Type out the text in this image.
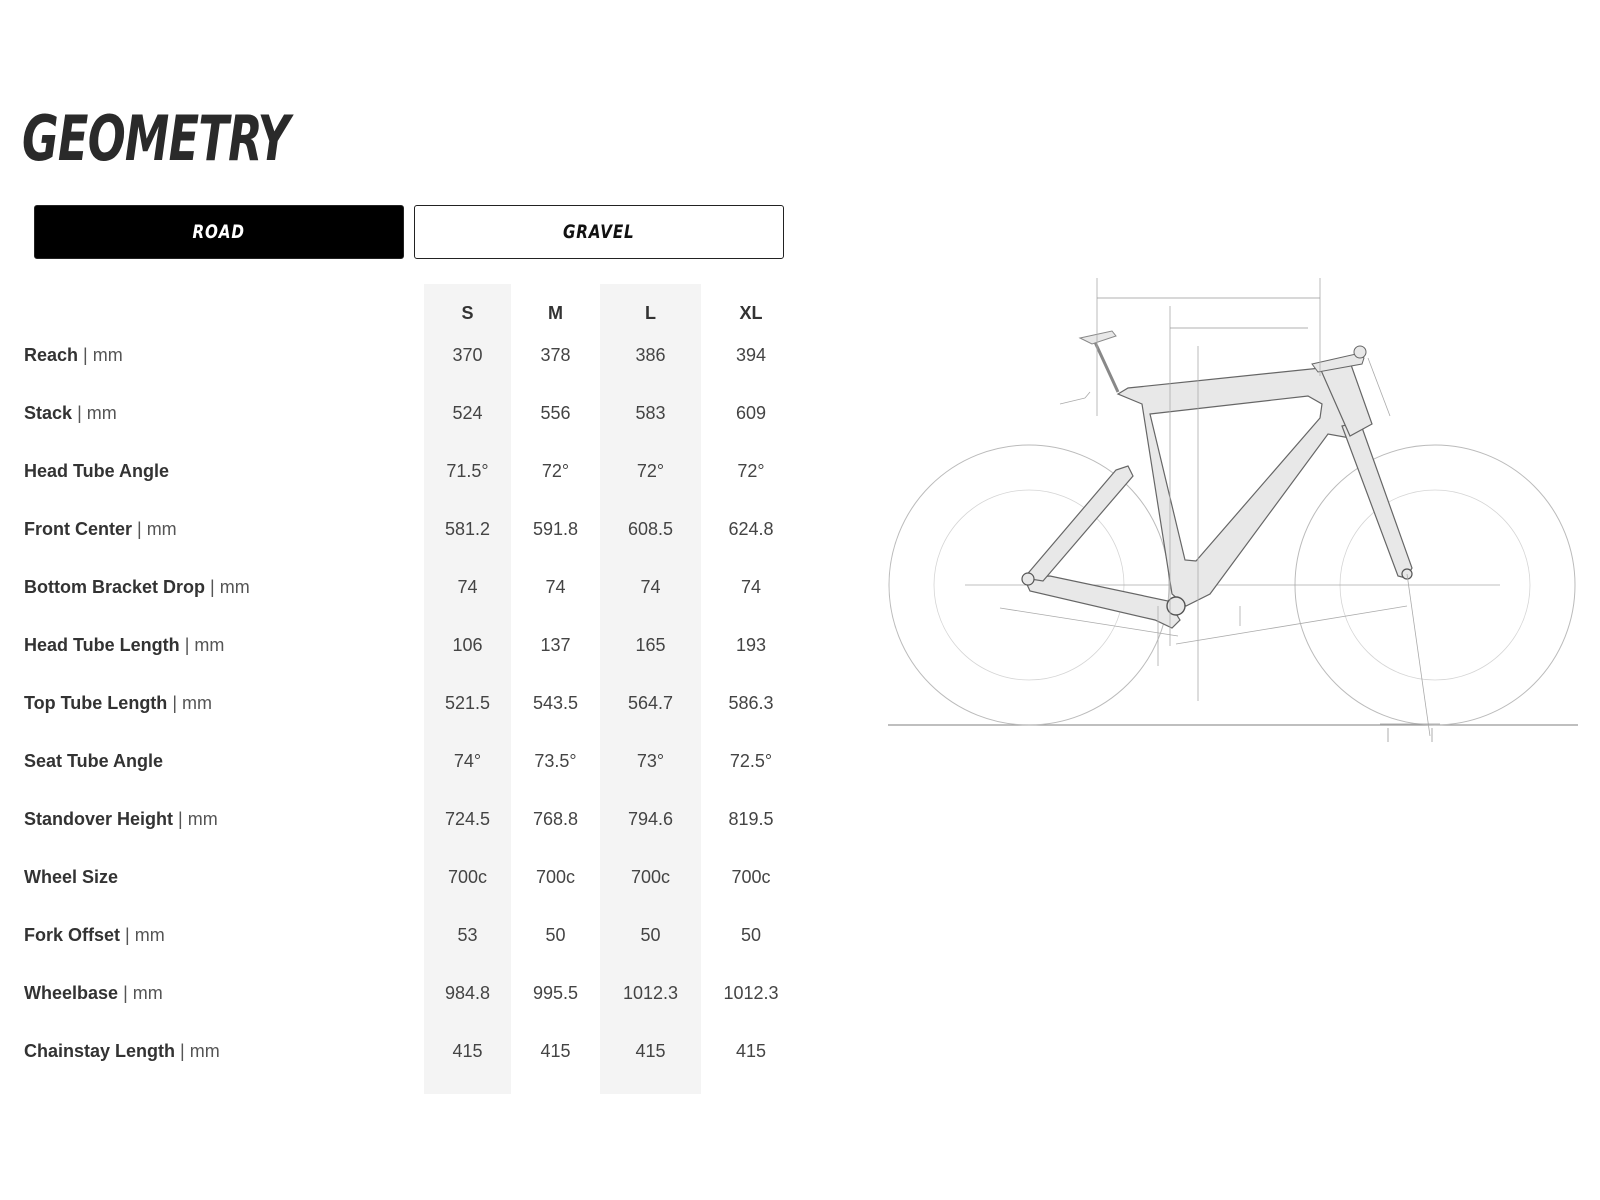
GEOMETRY
ROAD	GRAVEL
S	M	L	XL
Reach | mm	370	378	386	394
Stack | mm	524	556	583	609
Head Tube Angle	71.5°	72°	72°	72°
Front Center | mm	581.2	591.8	608.5	624.8
Bottom Bracket Drop | mm	74	74	74	74
Head Tube Length | mm	106	137	165	193
Top Tube Length | mm	521.5	543.5	564.7	586.3
Seat Tube Angle	74°	73.5°	73°	72.5°
Standover Height | mm	724.5	768.8	794.6	819.5
Wheel Size	700c	700c	700c	700c
Fork Offset | mm	53	50	50	50
Wheelbase | mm	984.8	995.5	1012.3	1012.3
Chainstay Length | mm	415	415	415	415
